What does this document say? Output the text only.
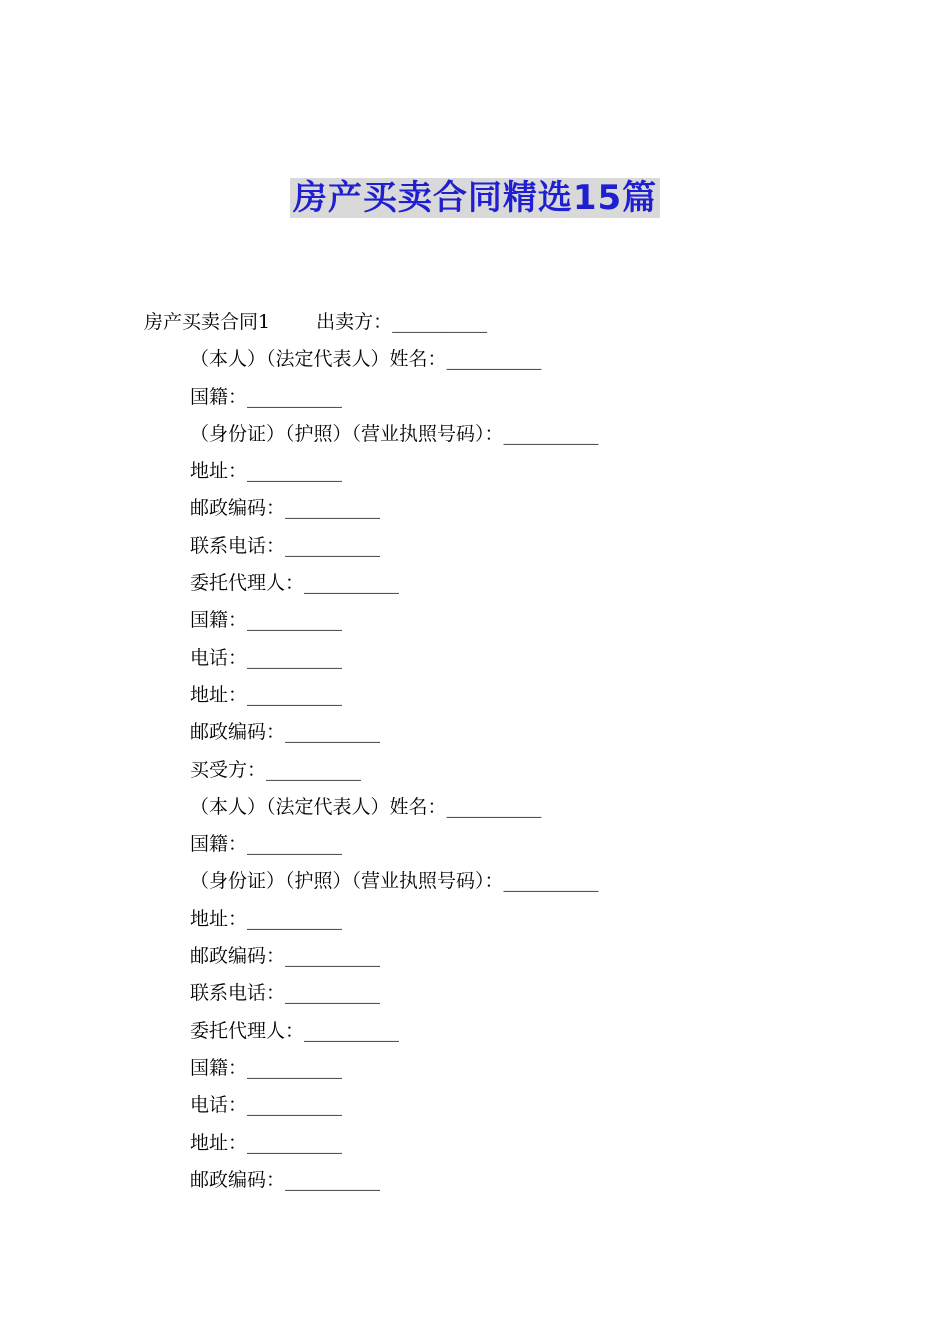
房产买卖合同精选15篇
房产买卖合同1 出卖方：__________
（本人）（法定代表人）姓名：__________
国籍：__________
（身份证）（护照）（营业执照号码）：__________
地址：__________
邮政编码：__________
联系电话：__________
委托代理人：__________
国籍：__________
电话：__________
地址：__________
邮政编码：__________
买受方：__________
（本人）（法定代表人）姓名：__________
国籍：__________
（身份证）（护照）（营业执照号码）：__________
地址：__________
邮政编码：__________
联系电话：__________
委托代理人：__________
国籍：__________
电话：__________
地址：__________
邮政编码：__________
